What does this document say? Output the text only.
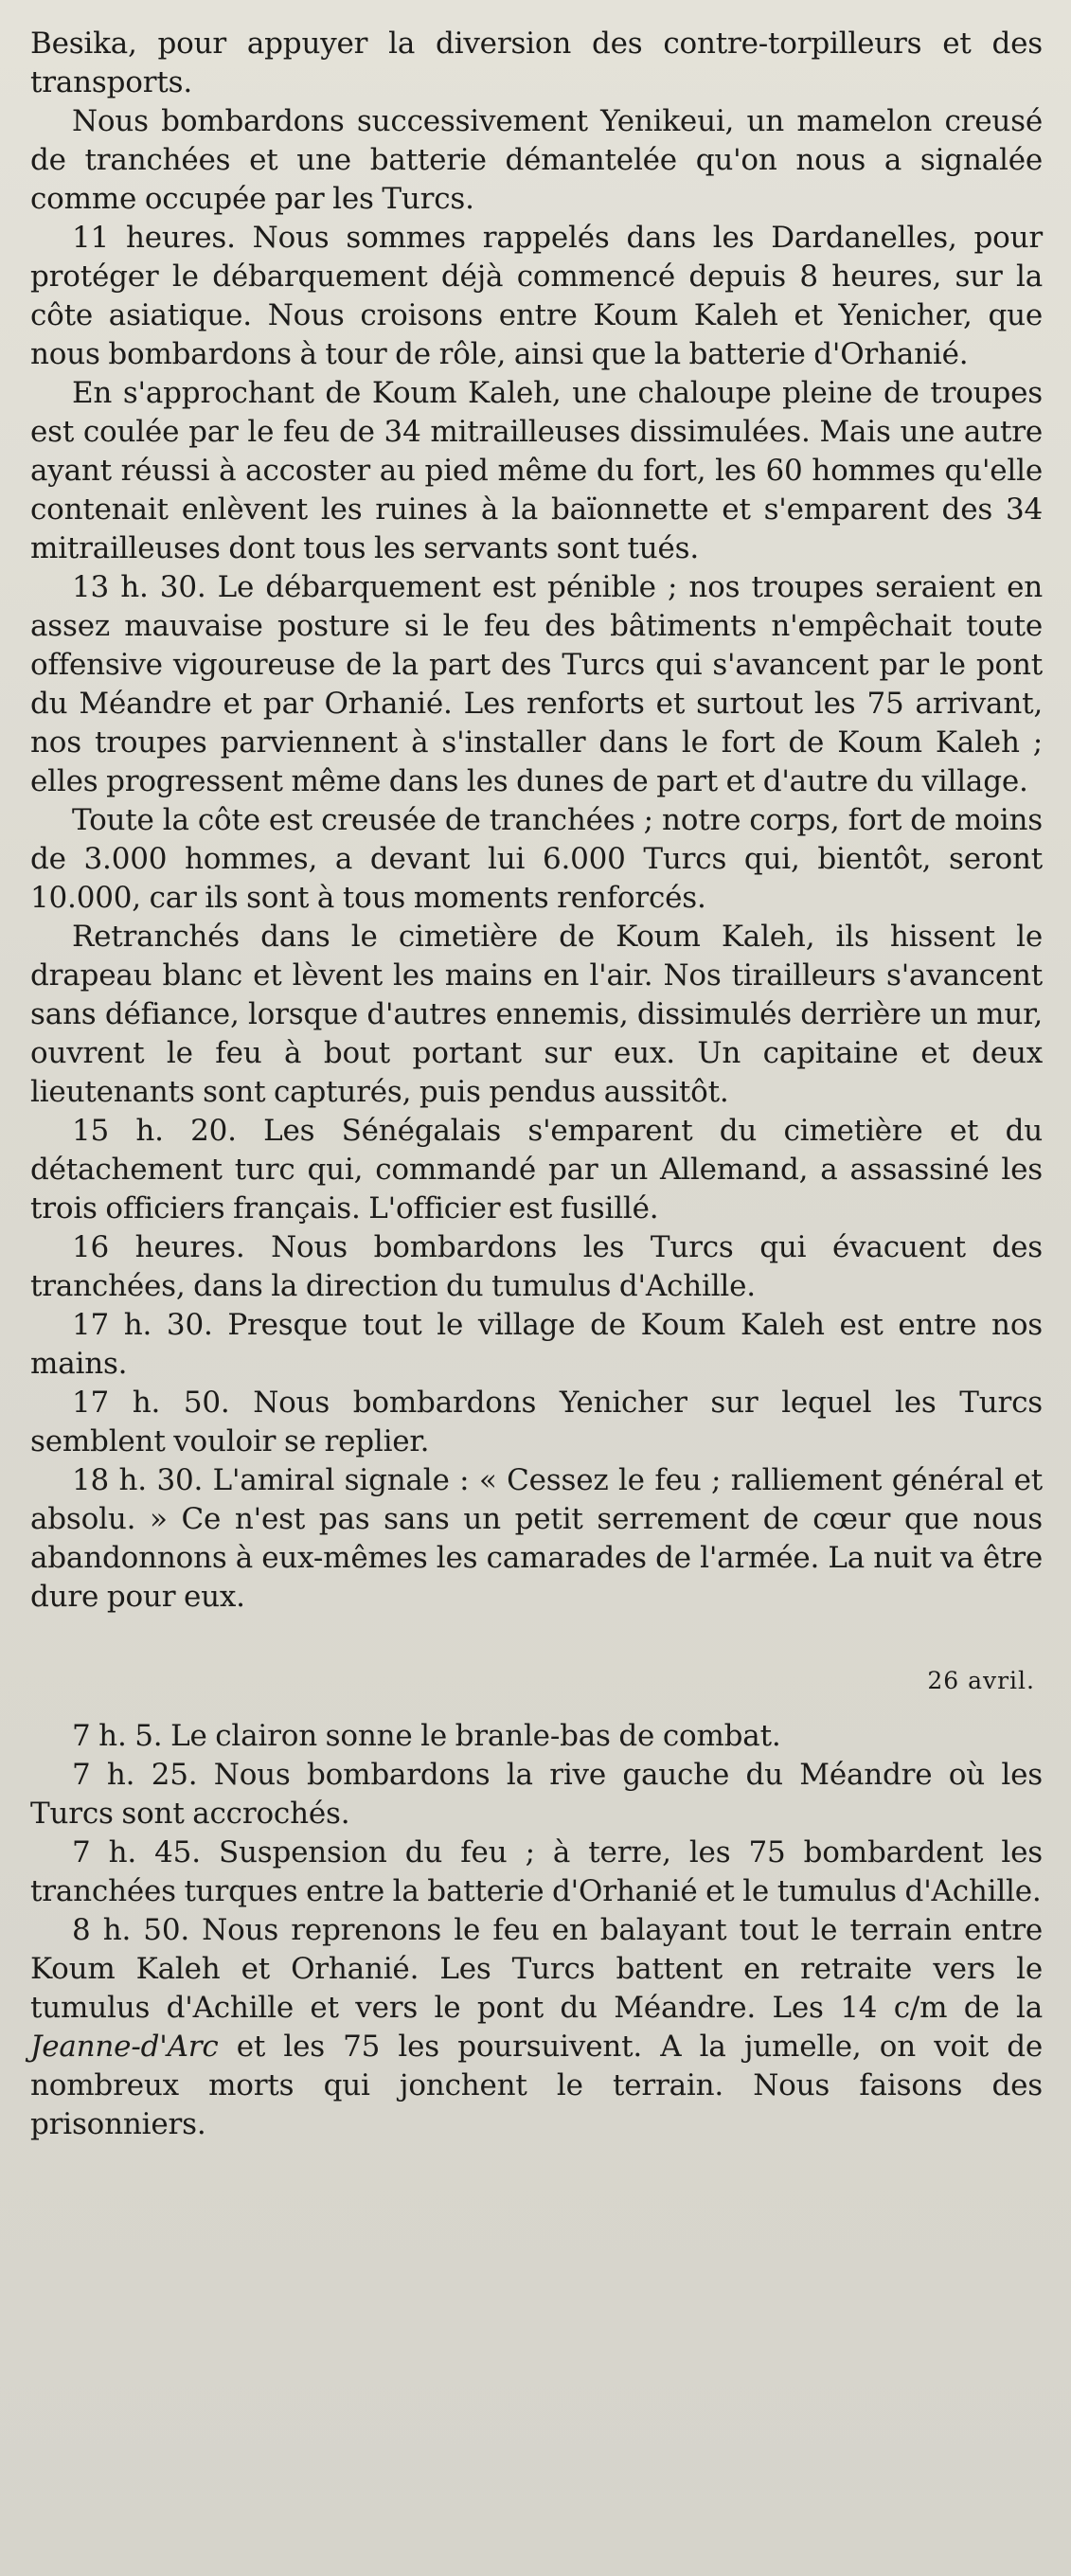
Besika, pour appuyer la diversion des contre-torpilleurs et des transports.

Nous bombardons successivement Yenikeui, un mamelon creusé de tranchées et une batterie démantelée qu'on nous a signalée comme occupée par les Turcs.

11 heures. Nous sommes rappelés dans les Dardanelles, pour protéger le débarquement déjà commencé depuis 8 heures, sur la côte asiatique. Nous croisons entre Koum Kaleh et Yenicher, que nous bombardons à tour de rôle, ainsi que la batterie d'Orhanié.

En s'approchant de Koum Kaleh, une chaloupe pleine de troupes est coulée par le feu de 34 mitrailleuses dissimulées. Mais une autre ayant réussi à accoster au pied même du fort, les 60 hommes qu'elle contenait enlèvent les ruines à la baïonnette et s'emparent des 34 mitrailleuses dont tous les servants sont tués.

13 h. 30. Le débarquement est pénible ; nos troupes seraient en assez mauvaise posture si le feu des bâtiments n'empêchait toute offensive vigoureuse de la part des Turcs qui s'avancent par le pont du Méandre et par Orhanié. Les renforts et surtout les 75 arrivant, nos troupes parviennent à s'installer dans le fort de Koum Kaleh ; elles progressent même dans les dunes de part et d'autre du village.

Toute la côte est creusée de tranchées ; notre corps, fort de moins de 3.000 hommes, a devant lui 6.000 Turcs qui, bientôt, seront 10.000, car ils sont à tous moments renforcés.

Retranchés dans le cimetière de Koum Kaleh, ils hissent le drapeau blanc et lèvent les mains en l'air. Nos tirailleurs s'avancent sans défiance, lorsque d'autres ennemis, dissimulés derrière un mur, ouvrent le feu à bout portant sur eux. Un capitaine et deux lieutenants sont capturés, puis pendus aussitôt.

15 h. 20. Les Sénégalais s'emparent du cimetière et du détachement turc qui, commandé par un Allemand, a assassiné les trois officiers français. L'officier est fusillé.

16 heures. Nous bombardons les Turcs qui évacuent des tranchées, dans la direction du tumulus d'Achille.

17 h. 30. Presque tout le village de Koum Kaleh est entre nos mains.

17 h. 50. Nous bombardons Yenicher sur lequel les Turcs semblent vouloir se replier.

18 h. 30. L'amiral signale : « Cessez le feu ; ralliement général et absolu. » Ce n'est pas sans un petit serrement de cœur que nous abandonnons à eux-mêmes les camarades de l'armée. La nuit va être dure pour eux.

26 avril.

7 h. 5. Le clairon sonne le branle-bas de combat.

7 h. 25. Nous bombardons la rive gauche du Méandre où les Turcs sont accrochés.

7 h. 45. Suspension du feu ; à terre, les 75 bombardent les tranchées turques entre la batterie d'Orhanié et le tumulus d'Achille.

8 h. 50. Nous reprenons le feu en balayant tout le terrain entre Koum Kaleh et Orhanié. Les Turcs battent en retraite vers le tumulus d'Achille et vers le pont du Méandre. Les 14 c/m de la Jeanne-d'Arc et les 75 les poursuivent. A la jumelle, on voit de nombreux morts qui jonchent le terrain. Nous faisons des prisonniers.
